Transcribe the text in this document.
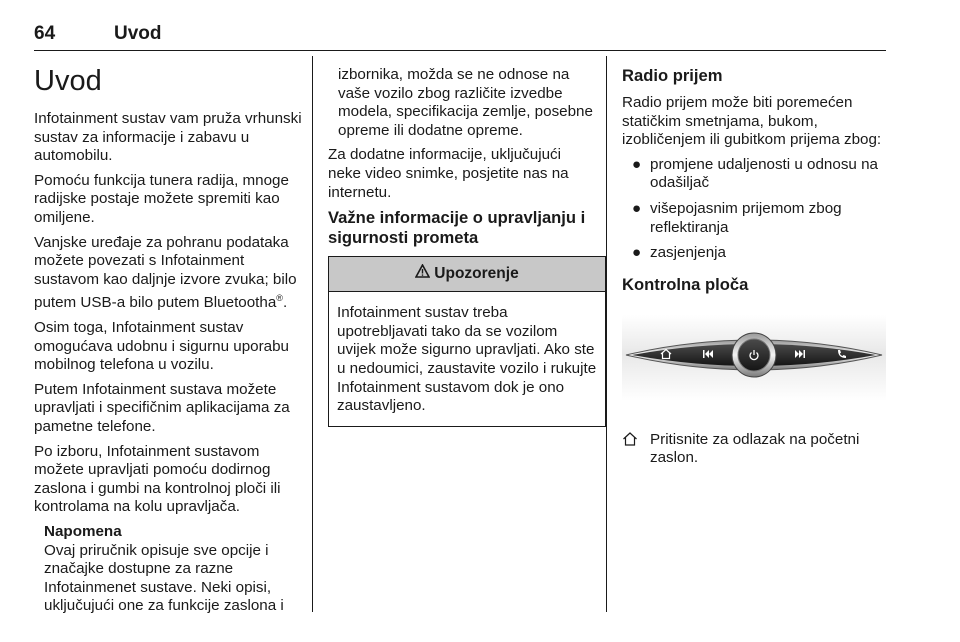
64	Uvod
Uvod

Infotainment sustav vam pruža vrhunski sustav za informacije i zabavu u automobilu.

Pomoću funkcija tunera radija, mnoge radijske postaje možete spremiti kao omiljene.

Vanjske uređaje za pohranu podataka možete povezati s Infotainment sustavom kao daljnje izvore zvuka; bilo putem USB-a bilo putem Bluetootha®.

Osim toga, Infotainment sustav omogućava udobnu i sigurnu uporabu mobilnog telefona u vozilu.

Putem Infotainment sustava možete upravljati i specifičnim aplikacijama za pametne telefone.

Po izboru, Infotainment sustavom možete upravljati pomoću dodirnog zaslona i gumbi na kontrolnoj ploči ili kontrolama na kolu upravljača.

Napomena
Ovaj priručnik opisuje sve opcije i značajke dostupne za razne Infotainmenet sustave. Neki opisi, uključujući one za funkcije zaslona i

izbornika, možda se ne odnose na vaše vozilo zbog različite izvedbe modela, specifikacija zemlje, posebne opreme ili dodatne opreme.

Za dodatne informacije, uključujući neke video snimke, posjetite nas na internetu.

Važne informacije o upravljanju i sigurnosti prometa
Upozorenje
Infotainment sustav treba upotrebljavati tako da se vozilom uvijek može sigurno upravljati. Ako ste u nedoumici, zaustavite vozilo i rukujte Infotainment sustavom dok je ono zaustavljeno.
Radio prijem

Radio prijem može biti poremećen statičkim smetnjama, bukom, izobličenjem ili gubitkom prijema zbog:

● promjene udaljenosti u odnosu na odašiljač
● višepojasnim prijemom zbog reflektiranja
● zasjenjenja
Kontrolna ploča
Pritisnite za odlazak na početni zaslon.
